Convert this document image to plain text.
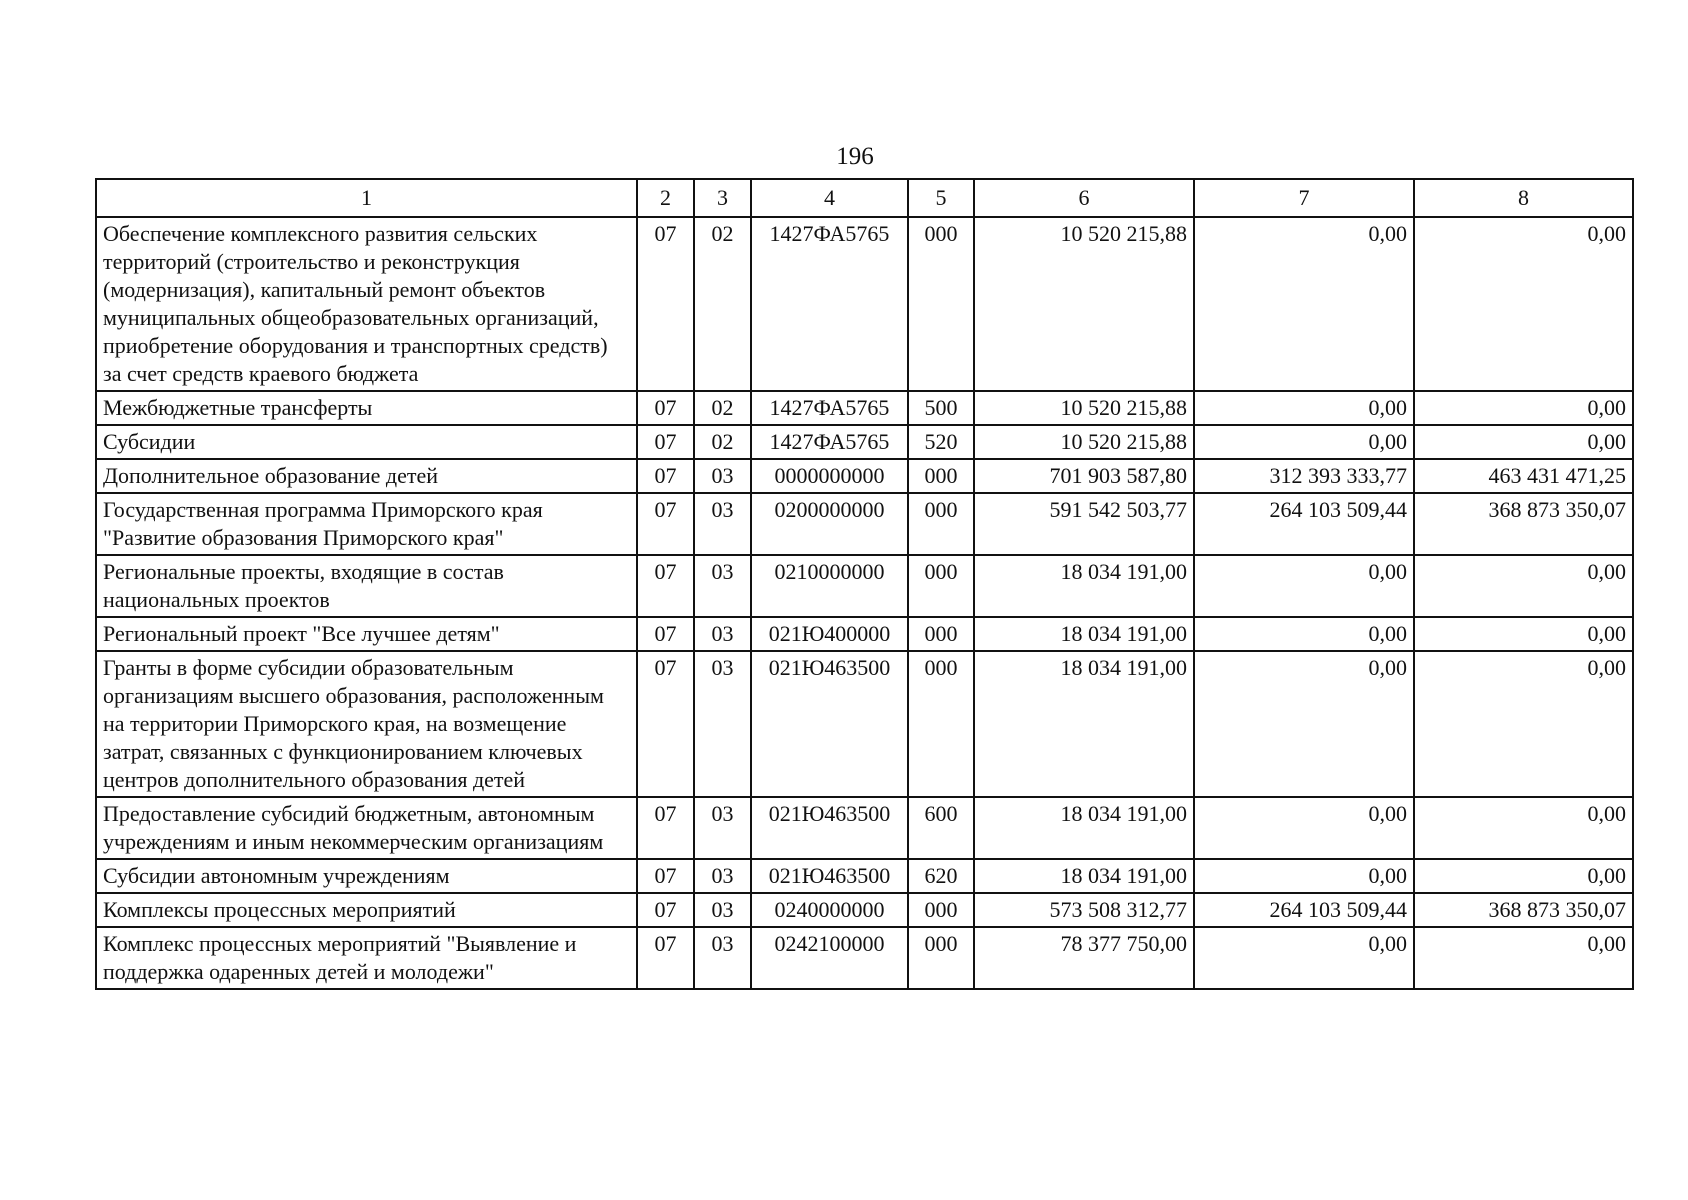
196
1	2	3	4	5	6	7	8
Обеспечение комплексного развития сельских территорий (строительство и реконструкция (модернизация), капитальный ремонт объектов муниципальных общеобразовательных организаций, приобретение оборудования и транспортных средств) за счет средств краевого бюджета	07	02	1427ФА5765	000	10 520 215,88	0,00	0,00
Межбюджетные трансферты	07	02	1427ФА5765	500	10 520 215,88	0,00	0,00
Субсидии	07	02	1427ФА5765	520	10 520 215,88	0,00	0,00
Дополнительное образование детей	07	03	0000000000	000	701 903 587,80	312 393 333,77	463 431 471,25
Государственная программа Приморского края "Развитие образования Приморского края"	07	03	0200000000	000	591 542 503,77	264 103 509,44	368 873 350,07
Региональные проекты, входящие в состав национальных проектов	07	03	0210000000	000	18 034 191,00	0,00	0,00
Региональный проект "Все лучшее детям"	07	03	021Ю400000	000	18 034 191,00	0,00	0,00
Гранты в форме субсидии образовательным организациям высшего образования, расположенным на территории Приморского края, на возмещение затрат, связанных с функционированием ключевых центров дополнительного образования детей	07	03	021Ю463500	000	18 034 191,00	0,00	0,00
Предоставление субсидий бюджетным, автономным учреждениям и иным некоммерческим организациям	07	03	021Ю463500	600	18 034 191,00	0,00	0,00
Субсидии автономным учреждениям	07	03	021Ю463500	620	18 034 191,00	0,00	0,00
Комплексы процессных мероприятий	07	03	0240000000	000	573 508 312,77	264 103 509,44	368 873 350,07
Комплекс процессных мероприятий "Выявление и поддержка одаренных детей и молодежи"	07	03	0242100000	000	78 377 750,00	0,00	0,00
